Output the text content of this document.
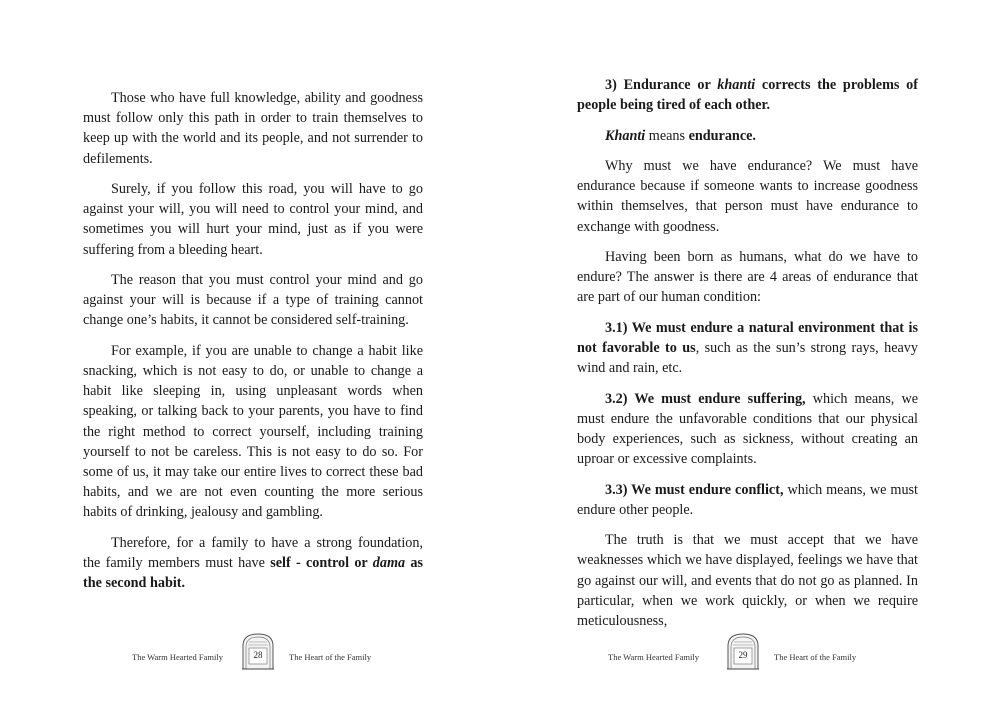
Those who have full knowledge, ability and goodness must follow only this path in order to train themselves to keep up with the world and its people, and not surrender to defilements.

Surely, if you follow this road, you will have to go against your will, you will need to control your mind, and sometimes you will hurt your mind, just as if you were suffering from a bleeding heart.

The reason that you must control your mind and go against your will is because if a type of training cannot change one’s habits, it cannot be considered self-training.

For example, if you are unable to change a habit like snacking, which is not easy to do, or unable to change a habit like sleeping in, using unpleasant words when speaking, or talking back to your parents, you have to find the right method to correct yourself, including training yourself to not be careless. This is not easy to do so. For some of us, it may take our entire lives to correct these bad habits, and we are not even counting the more serious habits of drinking, jealousy and gambling.

Therefore, for a family to have a strong foundation, the family members must have self - control or dama as the second habit.

The Warm Hearted Family	28	The Heart of the Family

3) Endurance or khanti corrects the problems of people being tired of each other.

Khanti means endurance.

Why must we have endurance? We must have endurance because if someone wants to increase goodness within themselves, that person must have endurance to exchange with goodness.

Having been born as humans, what do we have to endure? The answer is there are 4 areas of endurance that are part of our human condition:

3.1) We must endure a natural environment that is not favorable to us, such as the sun’s strong rays, heavy wind and rain, etc.

3.2) We must endure suffering, which means, we must endure the unfavorable conditions that our physical body experiences, such as sickness, without creating an uproar or excessive complaints.

3.3) We must endure conflict, which means, we must endure other people.

The truth is that we must accept that we have weaknesses which we have displayed, feelings we have that go against our will, and events that do not go as planned. In particular, when we work quickly, or when we require meticulousness,

The Warm Hearted Family	29	The Heart of the Family
